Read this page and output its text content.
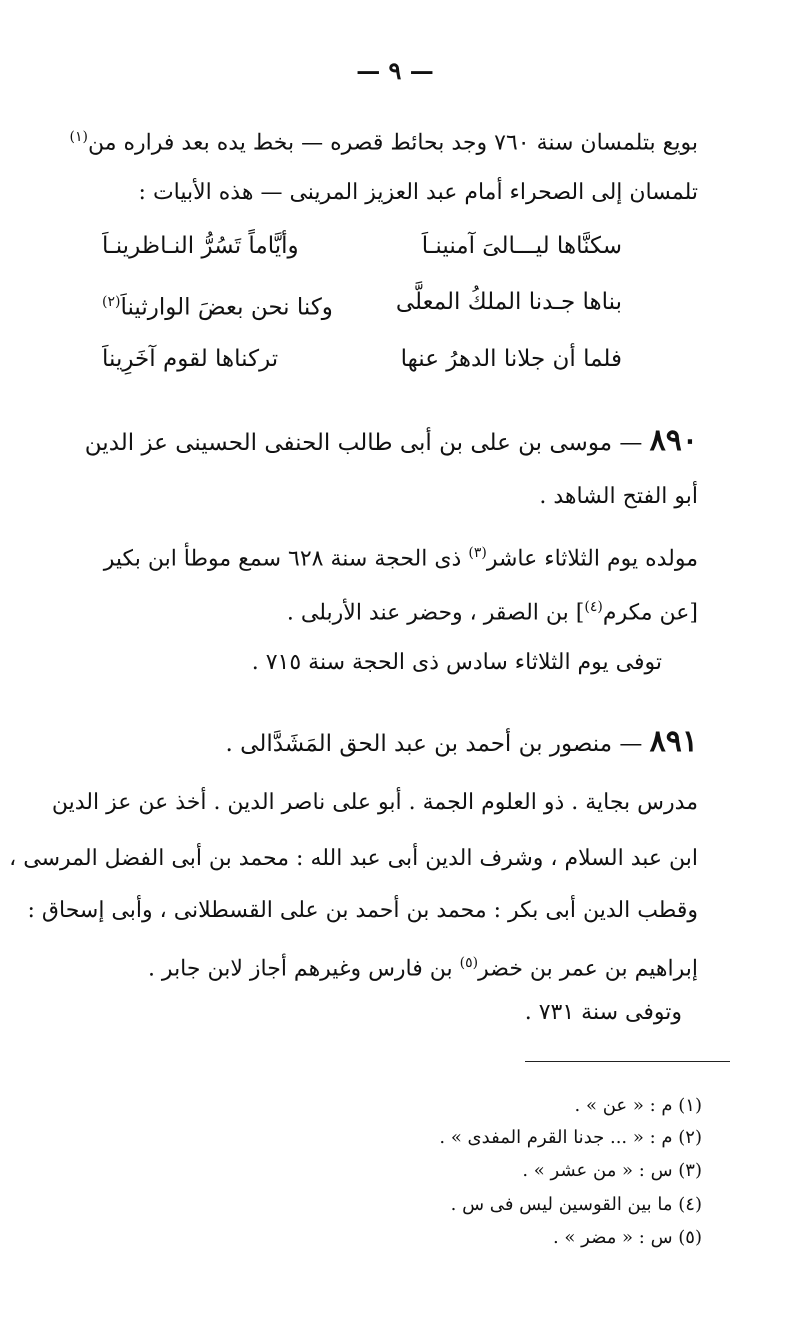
— ٩ —
بويع بتلمسان سنة ٧٦٠ وجد بحائط قصره — بخط يده بعد فراره من$^{(١)}$
تلمسان إلى الصحراء أمام عبد العزيز المرينى — هذه الأبيات :
سكنَّاها ليـــالىَ آمنينـاَ
وأيَّاماً تَسُرُّ النـاظرينـاَ
بناها جـدنا الملكُ المعلَّى
وكنا نحن بعضَ الوارثيناَ$^{(٢)}$
فلما أن جلانا الدهرُ عنها
تركناها لقوم آخَرِيناَ
٨٩٠ — موسى بن على بن أبى طالب الحنفى الحسينى عز الدين
أبو الفتح الشاهد .
مولده يوم الثلاثاء عاشر$^{(٣)}$ ذى الحجة سنة ٦٢٨ سمع موطأ ابن بكير
[عن مكرم$^{(٤)}$] بن الصقر ، وحضر عند الأربلى .
توفى يوم الثلاثاء سادس ذى الحجة سنة ٧١٥ .
٨٩١ — منصور بن أحمد بن عبد الحق المَشَدَّالى .
مدرس بجاية . ذو العلوم الجمة . أبو على ناصر الدين . أخذ عن عز الدين
ابن عبد السلام ، وشرف الدين أبى عبد الله : محمد بن أبى الفضل المرسى ،
وقطب الدين أبى بكر : محمد بن أحمد بن على القسطلانى ، وأبى إسحاق :
إبراهيم بن عمر بن خضر$^{(٥)}$ بن فارس وغيرهم أجاز لابن جابر .
وتوفى سنة ٧٣١ .
(١) م : « عن » .
(٢) م : « ... جدنا القرم المفدى » .
(٣) س : « من عشر » .
(٤) ما بين القوسين ليس فى س .
(٥) س : « مضر » .
